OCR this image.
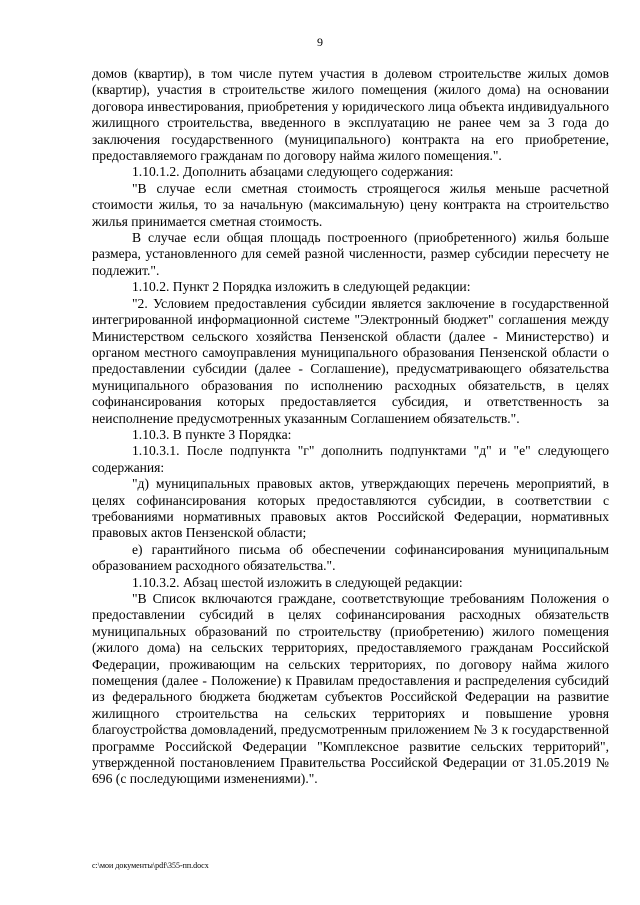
9

домов (квартир), в том числе путем участия в долевом строительстве жилых домов (квартир), участия в строительстве жилого помещения (жилого дома) на основании договора инвестирования, приобретения у юридического лица объекта индивидуального жилищного строительства, введенного в эксплуатацию не ранее чем за 3 года до заключения государственного (муниципального) контракта на его приобретение, предоставляемого гражданам по договору найма жилого помещения.".

1.10.1.2. Дополнить абзацами следующего содержания:

"В случае если сметная стоимость строящегося жилья меньше расчетной стоимости жилья, то за начальную (максимальную) цену контракта на строительство жилья принимается сметная стоимость.

В случае если общая площадь построенного (приобретенного) жилья больше размера, установленного для семей разной численности, размер субсидии пересчету не подлежит.".

1.10.2. Пункт 2 Порядка изложить в следующей редакции:

"2. Условием предоставления субсидии является заключение в государственной интегрированной информационной системе "Электронный бюджет" соглашения между Министерством сельского хозяйства Пензенской области (далее - Министерство) и органом местного самоуправления муниципального образования Пензенской области о предоставлении субсидии (далее - Соглашение), предусматривающего обязательства муниципального образования по исполнению расходных обязательств, в целях софинансирования которых предоставляется субсидия, и ответственность за неисполнение предусмотренных указанным Соглашением обязательств.".

1.10.3. В пункте 3 Порядка:

1.10.3.1. После подпункта "г" дополнить подпунктами "д" и "е" следующего содержания:

"д) муниципальных правовых актов, утверждающих перечень мероприятий, в целях софинансирования которых предоставляются субсидии, в соответствии с требованиями нормативных правовых актов Российской Федерации, нормативных правовых актов Пензенской области;

е) гарантийного письма об обеспечении софинансирования муниципальным образованием расходного обязательства.".

1.10.3.2. Абзац шестой изложить в следующей редакции:

"В Список включаются граждане, соответствующие требованиям Положения о предоставлении субсидий в целях софинансирования расходных обязательств муниципальных образований по строительству (приобретению) жилого помещения (жилого дома) на сельских территориях, предоставляемого гражданам Российской Федерации, проживающим на сельских территориях, по договору найма жилого помещения (далее - Положение) к Правилам предоставления и распределения субсидий из федерального бюджета бюджетам субъектов Российской Федерации на развитие жилищного строительства на сельских территориях и повышение уровня благоустройства домовладений, предусмотренным приложением № 3 к государственной программе Российской Федерации "Комплексное развитие сельских территорий", утвержденной постановлением Правительства Российской Федерации от 31.05.2019 № 696 (с последующими изменениями).".

c:\мои документы\pdf\355-пп.docx
